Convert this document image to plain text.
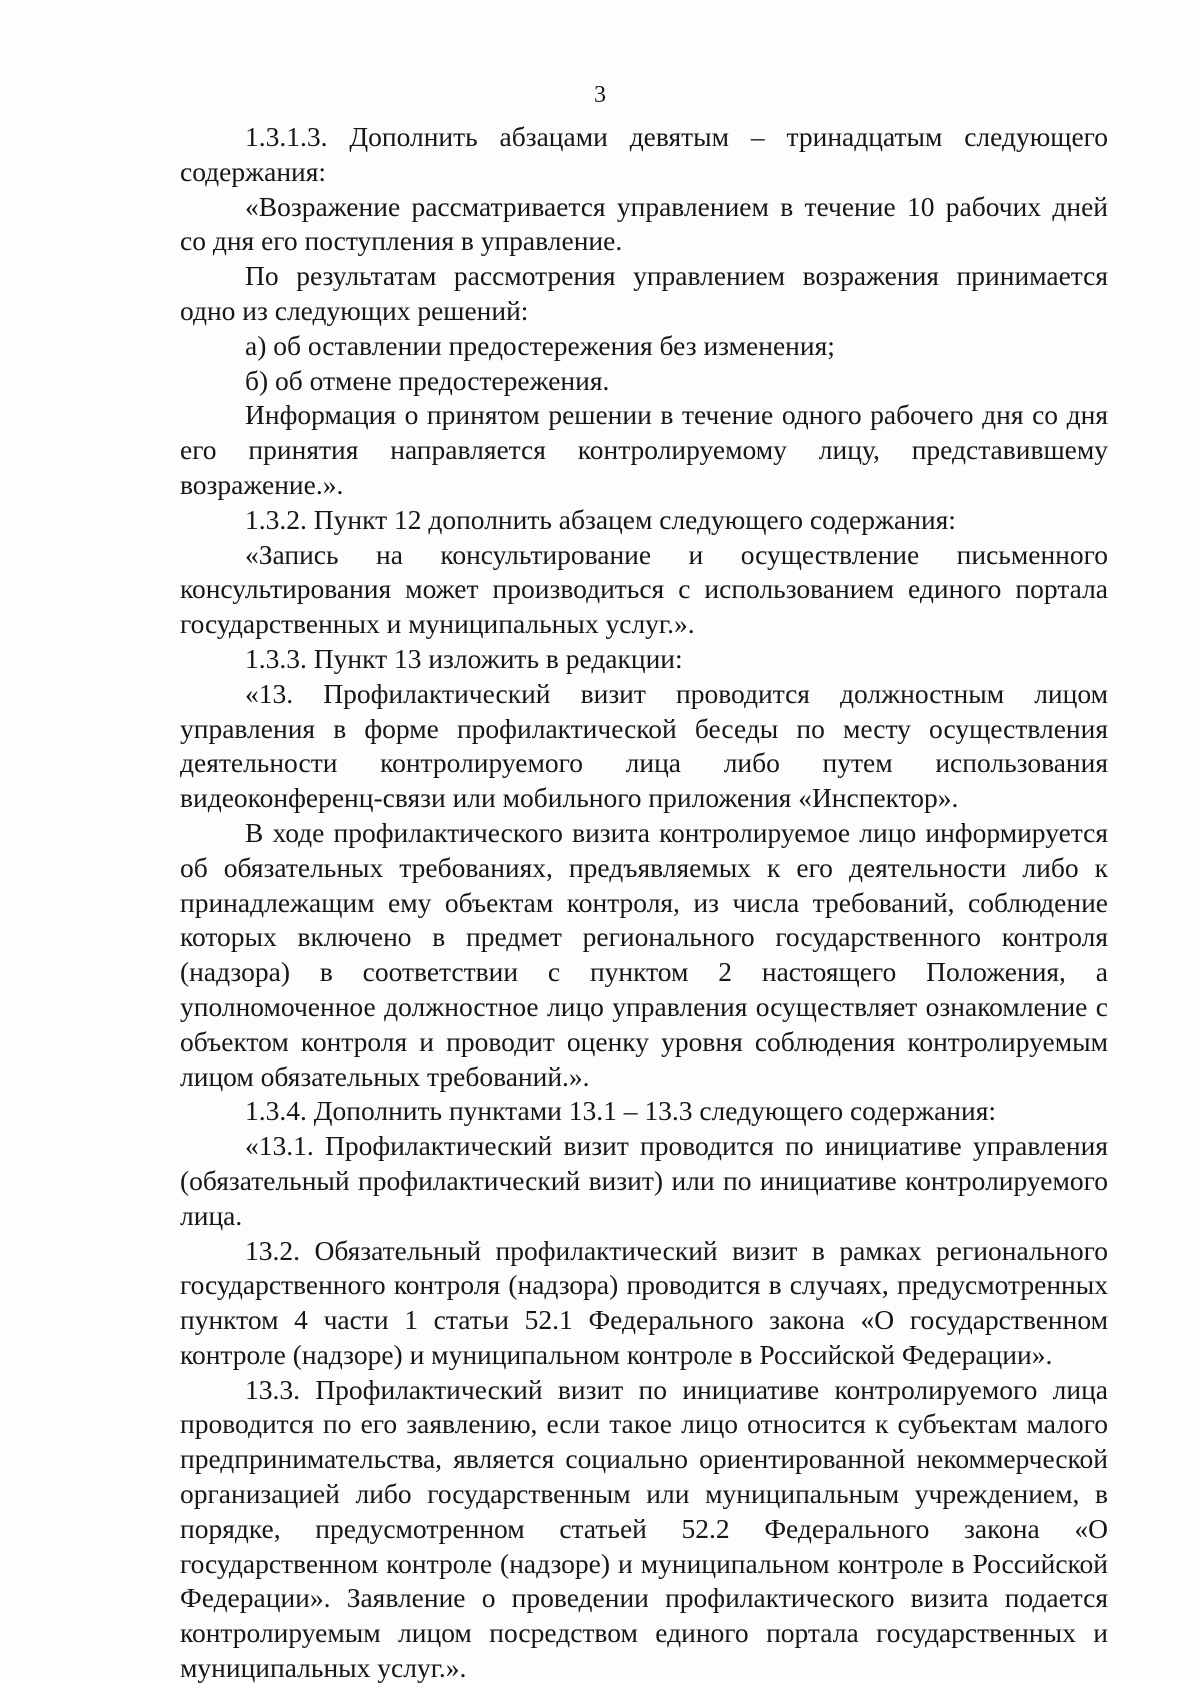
3

1.3.1.3. Дополнить абзацами девятым – тринадцатым следующего содержания:

«Возражение рассматривается управлением в течение 10 рабочих дней со дня его поступления в управление.

По результатам рассмотрения управлением возражения принимается одно из следующих решений:

а) об оставлении предостережения без изменения;

б) об отмене предостережения.

Информация о принятом решении в течение одного рабочего дня со дня его принятия направляется контролируемому лицу, представившему возражение.».

1.3.2. Пункт 12 дополнить абзацем следующего содержания:

«Запись на консультирование и осуществление письменного консультирования может производиться с использованием единого портала государственных и муниципальных услуг.».

1.3.3. Пункт 13 изложить в редакции:

«13. Профилактический визит проводится должностным лицом управления в форме профилактической беседы по месту осуществления деятельности контролируемого лица либо путем использования видеоконференц-связи или мобильного приложения «Инспектор».

В ходе профилактического визита контролируемое лицо информируется об обязательных требованиях, предъявляемых к его деятельности либо к принадлежащим ему объектам контроля, из числа требований, соблюдение которых включено в предмет регионального государственного контроля (надзора) в соответствии с пунктом 2 настоящего Положения, а уполномоченное должностное лицо управления осуществляет ознакомление с объектом контроля и проводит оценку уровня соблюдения контролируемым лицом обязательных требований.».

1.3.4. Дополнить пунктами 13.1 – 13.3 следующего содержания:

«13.1. Профилактический визит проводится по инициативе управления (обязательный профилактический визит) или по инициативе контролируемого лица.

13.2. Обязательный профилактический визит в рамках регионального государственного контроля (надзора) проводится в случаях, предусмотренных пунктом 4 части 1 статьи 52.1 Федерального закона «О государственном контроле (надзоре) и муниципальном контроле в Российской Федерации».

13.3. Профилактический визит по инициативе контролируемого лица проводится по его заявлению, если такое лицо относится к субъектам малого предпринимательства, является социально ориентированной некоммерческой организацией либо государственным или муниципальным учреждением, в порядке, предусмотренном статьей 52.2 Федерального закона «О государственном контроле (надзоре) и муниципальном контроле в Российской Федерации». Заявление о проведении профилактического визита подается контролируемым лицом посредством единого портала государственных и муниципальных услуг.».
